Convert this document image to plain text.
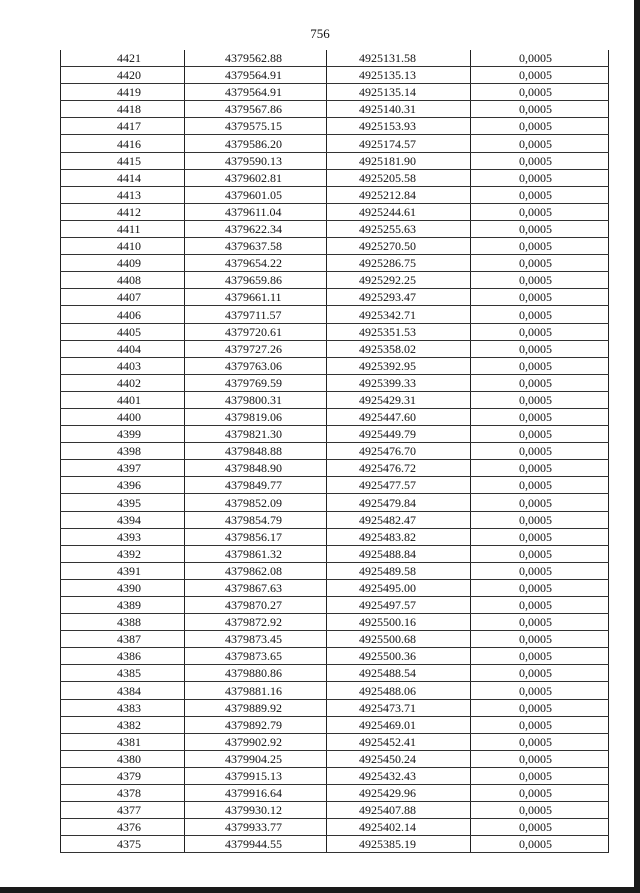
756
4421	4379562.88	4925131.58	0,0005
4420	4379564.91	4925135.13	0,0005
4419	4379564.91	4925135.14	0,0005
4418	4379567.86	4925140.31	0,0005
4417	4379575.15	4925153.93	0,0005
4416	4379586.20	4925174.57	0,0005
4415	4379590.13	4925181.90	0,0005
4414	4379602.81	4925205.58	0,0005
4413	4379601.05	4925212.84	0,0005
4412	4379611.04	4925244.61	0,0005
4411	4379622.34	4925255.63	0,0005
4410	4379637.58	4925270.50	0,0005
4409	4379654.22	4925286.75	0,0005
4408	4379659.86	4925292.25	0,0005
4407	4379661.11	4925293.47	0,0005
4406	4379711.57	4925342.71	0,0005
4405	4379720.61	4925351.53	0,0005
4404	4379727.26	4925358.02	0,0005
4403	4379763.06	4925392.95	0,0005
4402	4379769.59	4925399.33	0,0005
4401	4379800.31	4925429.31	0,0005
4400	4379819.06	4925447.60	0,0005
4399	4379821.30	4925449.79	0,0005
4398	4379848.88	4925476.70	0,0005
4397	4379848.90	4925476.72	0,0005
4396	4379849.77	4925477.57	0,0005
4395	4379852.09	4925479.84	0,0005
4394	4379854.79	4925482.47	0,0005
4393	4379856.17	4925483.82	0,0005
4392	4379861.32	4925488.84	0,0005
4391	4379862.08	4925489.58	0,0005
4390	4379867.63	4925495.00	0,0005
4389	4379870.27	4925497.57	0,0005
4388	4379872.92	4925500.16	0,0005
4387	4379873.45	4925500.68	0,0005
4386	4379873.65	4925500.36	0,0005
4385	4379880.86	4925488.54	0,0005
4384	4379881.16	4925488.06	0,0005
4383	4379889.92	4925473.71	0,0005
4382	4379892.79	4925469.01	0,0005
4381	4379902.92	4925452.41	0,0005
4380	4379904.25	4925450.24	0,0005
4379	4379915.13	4925432.43	0,0005
4378	4379916.64	4925429.96	0,0005
4377	4379930.12	4925407.88	0,0005
4376	4379933.77	4925402.14	0,0005
4375	4379944.55	4925385.19	0,0005
